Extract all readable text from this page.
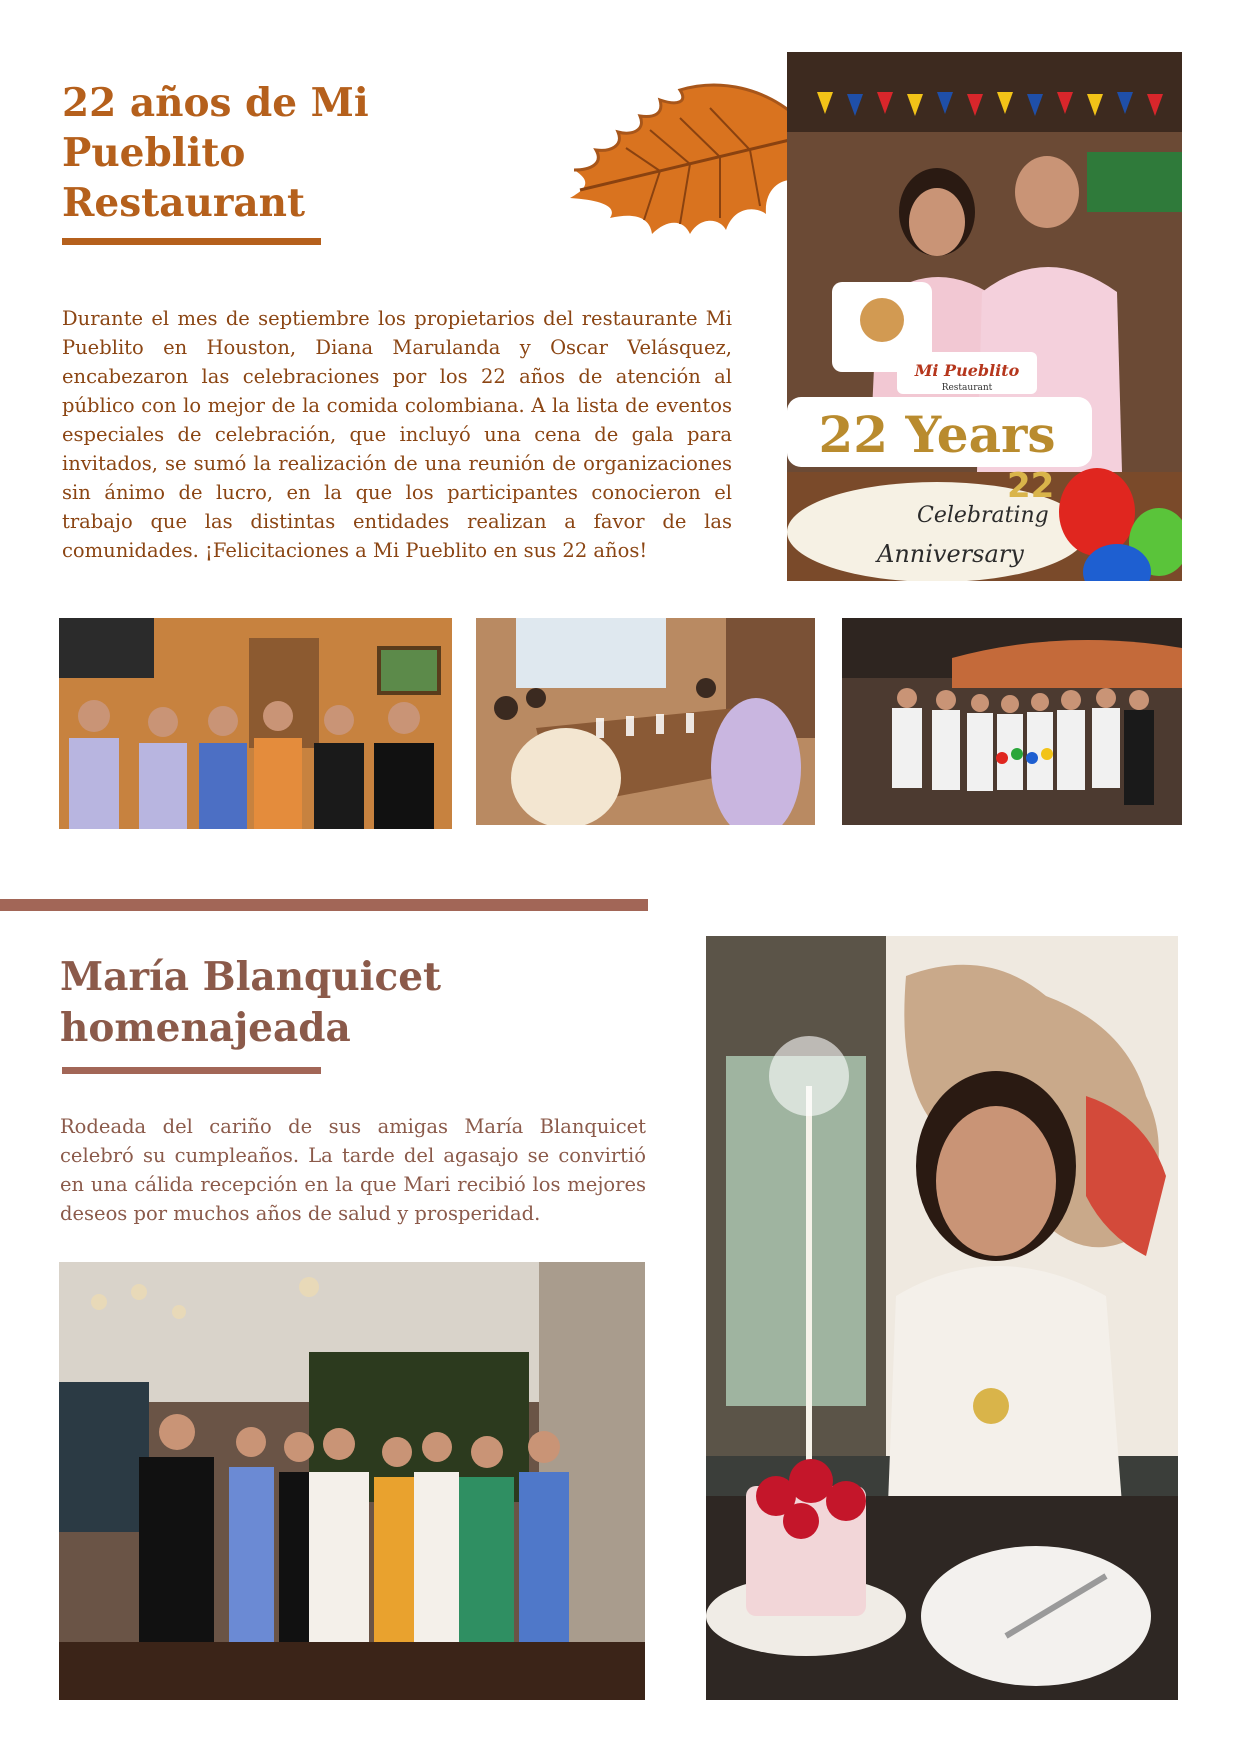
22 años de Mi Pueblito Restaurant

Durante el mes de septiembre los propietarios del restaurante Mi Pueblito en Houston, Diana Marulanda y Oscar Velásquez, encabezaron las celebraciones por los 22 años de atención al público con lo mejor de la comida colombiana. A la lista de eventos especiales de celebración, que incluyó una cena de gala para invitados, se sumó la realización de una reunión de organizaciones sin ánimo de lucro, en la que los participantes conocieron el trabajo que las distintas entidades realizan a favor de las comunidades. ¡Felicitaciones a Mi Pueblito en sus 22 años!

Mi Pueblito
Restaurant
22 Years
Celebrating
Anniversary
22
María Blanquicet homenajeada

Rodeada del cariño de sus amigas María Blanquicet celebró su cumpleaños. La tarde del agasajo se convirtió en una cálida recepción en la que Mari recibió los mejores deseos por muchos años de salud y prosperidad.
